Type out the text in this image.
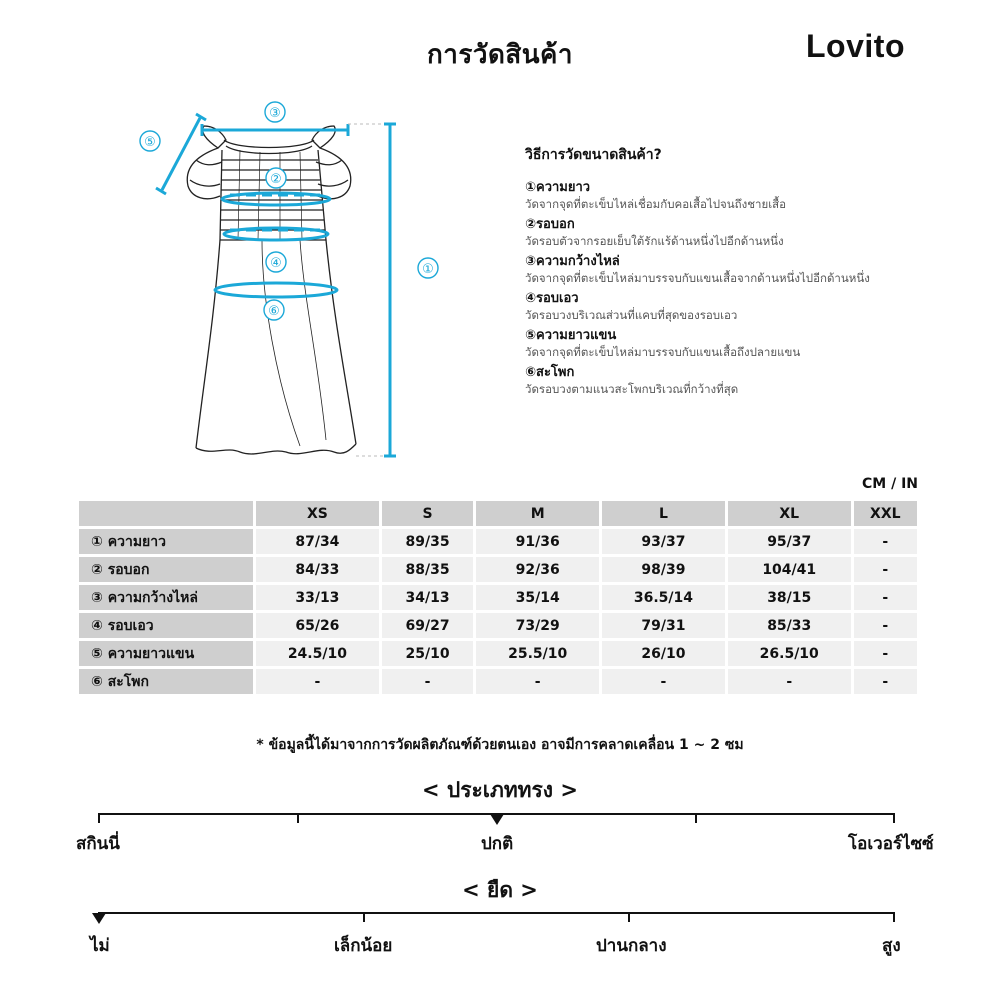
การวัดสินค้า	Lovito
③
⑤
②
④
⑥
①
วิธีการวัดขนาดสินค้า?
①ความยาว
วัดจากจุดที่ตะเข็บไหล่เชื่อมกับคอเสื้อไปจนถึงชายเสื้อ
②รอบอก
วัดรอบตัวจากรอยเย็บใต้รักแร้ด้านหนึ่งไปอีกด้านหนึ่ง
③ความกว้างไหล่
วัดจากจุดที่ตะเข็บไหล่มาบรรจบกับแขนเสื้อจากด้านหนึ่งไปอีกด้านหนึ่ง
④รอบเอว
วัดรอบวงบริเวณส่วนที่แคบที่สุดของรอบเอว
⑤ความยาวแขน
วัดจากจุดที่ตะเข็บไหล่มาบรรจบกับแขนเสื้อถึงปลายแขน
⑥สะโพก
วัดรอบวงตามแนวสะโพกบริเวณที่กว้างที่สุด
CM / IN
	XS	S	M	L	XL	XXL
① ความยาว	87/34	89/35	91/36	93/37	95/37	-
② รอบอก	84/33	88/35	92/36	98/39	104/41	-
③ ความกว้างไหล่	33/13	34/13	35/14	36.5/14	38/15	-
④ รอบเอว	65/26	69/27	73/29	79/31	85/33	-
⑤ ความยาวแขน	24.5/10	25/10	25.5/10	26/10	26.5/10	-
⑥ สะโพก	-	-	-	-	-	-
* ข้อมูลนี้ได้มาจากการวัดผลิตภัณฑ์ด้วยตนเอง อาจมีการคลาดเคลื่อน 1 ~ 2 ซม
< ประเภททรง >
สกินนี่	ปกติ	โอเวอร์ไซซ์
< ยืด >
ไม่	เล็กน้อย	ปานกลาง	สูง
